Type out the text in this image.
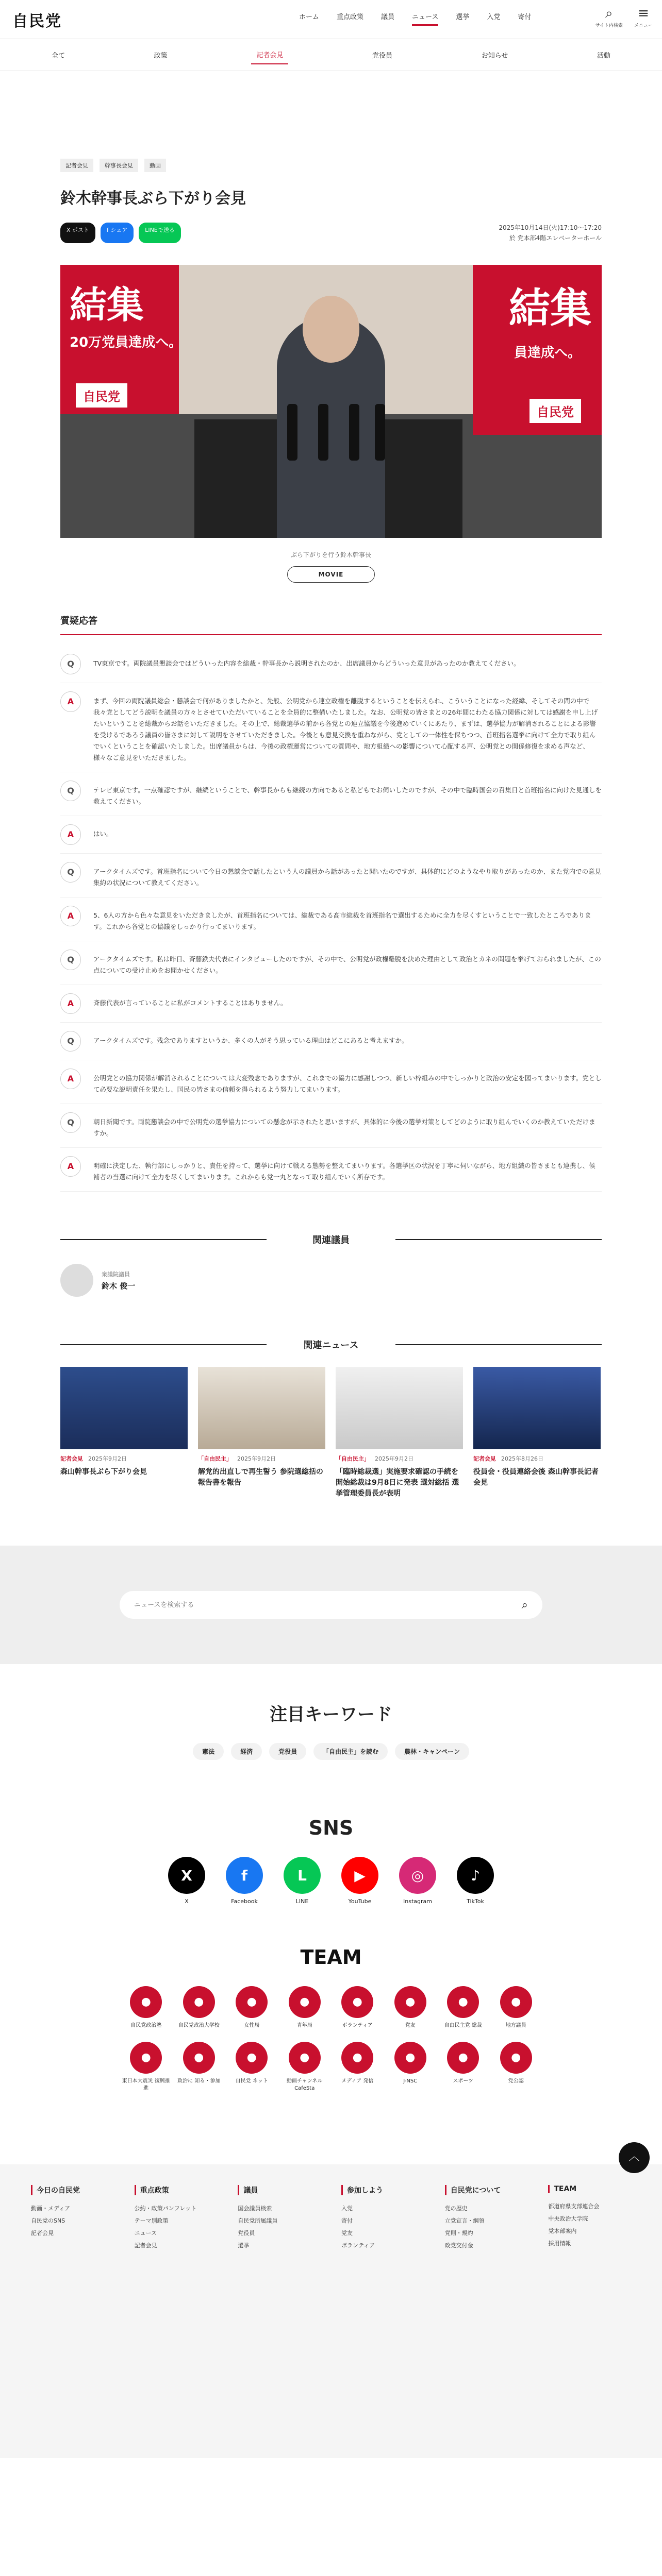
自民党	ホーム	重点政策	議員	ニュース	選挙	入党	寄付	⌕
サイト内検索
≡
メニュー
全て	政策	記者会見	党役員	お知らせ	活動
記者会見	幹事長会見	動画
鈴木幹事長ぶら下がり会見
X ポスト	f シェア	LINEで送る	2025年10月14日(火)17:10〜17:20
於 党本部4階エレベーターホール
結集
20万党員達成へ。
結集
員達成へ。
自民党
自民党
ぶら下がりを行う鈴木幹事長
MOVIE
質疑応答
Q	TV東京です。両院議員懇談会ではどういった内容を総裁・幹事長から説明されたのか、出席議員からどういった意見があったのか教えてください。
A	まず、今回の両院議員総会・懇談会で何がありましたかと、先般、公明党から連立政権を離脱するということを伝えられ、こういうことになった経緯、そしてその間の中で我々党としてどう説明を議員の方々とさせていただいていることを全員的に整備いたしました。なお、公明党の皆さまとの26年間にわたる協力関係に対しては感謝を申し上げたいということを総裁からお話をいただきました。その上で、総裁選挙の前から各党との連立協議を今後進めていくにあたり、まずは、選挙協力が解消されることによる影響を受けるであろう議員の皆さまに対して説明をさせていただきました。今後とも意見交換を重ねながら、党としての一体性を保ちつつ、首班指名選挙に向けて全力で取り組んでいくということを確認いたしました。出席議員からは、今後の政権運営についての質問や、地方組織への影響について心配する声、公明党との関係修復を求める声など、様々なご意見をいただきました。
Q	テレビ東京です。一点確認ですが、継続ということで、幹事長からも継続の方向であると私どもでお伺いしたのですが、その中で臨時国会の召集日と首班指名に向けた見通しを教えてください。
A	はい。
Q	アークタイムズです。首班指名について今日の懇談会で話したという人の議員から話があったと聞いたのですが、具体的にどのようなやり取りがあったのか、また党内での意見集約の状況について教えてください。
A	5、6人の方から色々な意見をいただきましたが、首班指名については、総裁である高市総裁を首班指名で選出するために全力を尽くすということで一致したところであります。これから各党との協議をしっかり行ってまいります。
Q	アークタイムズです。私は昨日、斉藤鉄夫代表にインタビューしたのですが、その中で、公明党が政権離脱を決めた理由として政治とカネの問題を挙げておられましたが、この点についての受け止めをお聞かせください。
A	斉藤代表が言っていることに私がコメントすることはありません。
Q	アークタイムズです。残念でありますというか、多くの人がそう思っている理由はどこにあると考えますか。
A	公明党との協力関係が解消されることについては大変残念でありますが、これまでの協力に感謝しつつ、新しい枠組みの中でしっかりと政治の安定を図ってまいります。党として必要な説明責任を果たし、国民の皆さまの信頼を得られるよう努力してまいります。
Q	朝日新聞です。両院懇談会の中で公明党の選挙協力についての懸念が示されたと思いますが、具体的に今後の選挙対策としてどのように取り組んでいくのか教えていただけますか。
A	明確に決定した、執行部にしっかりと、責任を持って、選挙に向けて戦える態勢を整えてまいります。各選挙区の状況を丁寧に伺いながら、地方組織の皆さまとも連携し、候補者の当選に向けて全力を尽くしてまいります。これからも党一丸となって取り組んでいく所存です。
関連議員
衆議院議員
鈴木 俊一
関連ニュース
記者会見 2025年9月2日
森山幹事長ぶら下がり会見
「自由民主」 2025年9月2日
解党的出直しで再生誓う 参院選総括の報告書を報告
「自由民主」 2025年9月2日
「臨時総裁選」実施要求確認の手続を開始総裁は9月8日に発表 選対総括 選挙管理委員長が表明
記者会見 2025年8月26日
役員会・役員連絡会後 森山幹事長記者会見
ニュースを検索する
⌕
注目キーワード
憲法	経済	党役員	「自由民主」を読む	農林・キャンペーン
SNS
X
X
f
Facebook
L
LINE
▶
YouTube
◎
Instagram
♪
TikTok
TEAM
●
自民党政治塾
●
自民党政治大学校
●
女性局
●
青年局
●
ボランティア
●
党友
●
自由民主党 総裁
●
地方議員
●
東日本大震災 復興推進
●
政治に 知る・参加
●
自民党 ネット
●
動画チャンネル CafeSta
●
メディア 発信
●
J-NSC
●
スポーツ
●
党公認
今日の自民党
動画・メディア
自民党のSNS
記者会見
重点政策
公約・政策パンフレット
テーマ別政策
ニュース
記者会見
議員
国会議員検索
自民党所属議員
党役員
選挙
参加しよう
入党
寄付
党友
ボランティア
自民党について
党の歴史
立党宣言・綱領
党則・規約
政党交付金
TEAM
都道府県支部連合会
中央政治大学院
党本部案内
採用情報
︿
